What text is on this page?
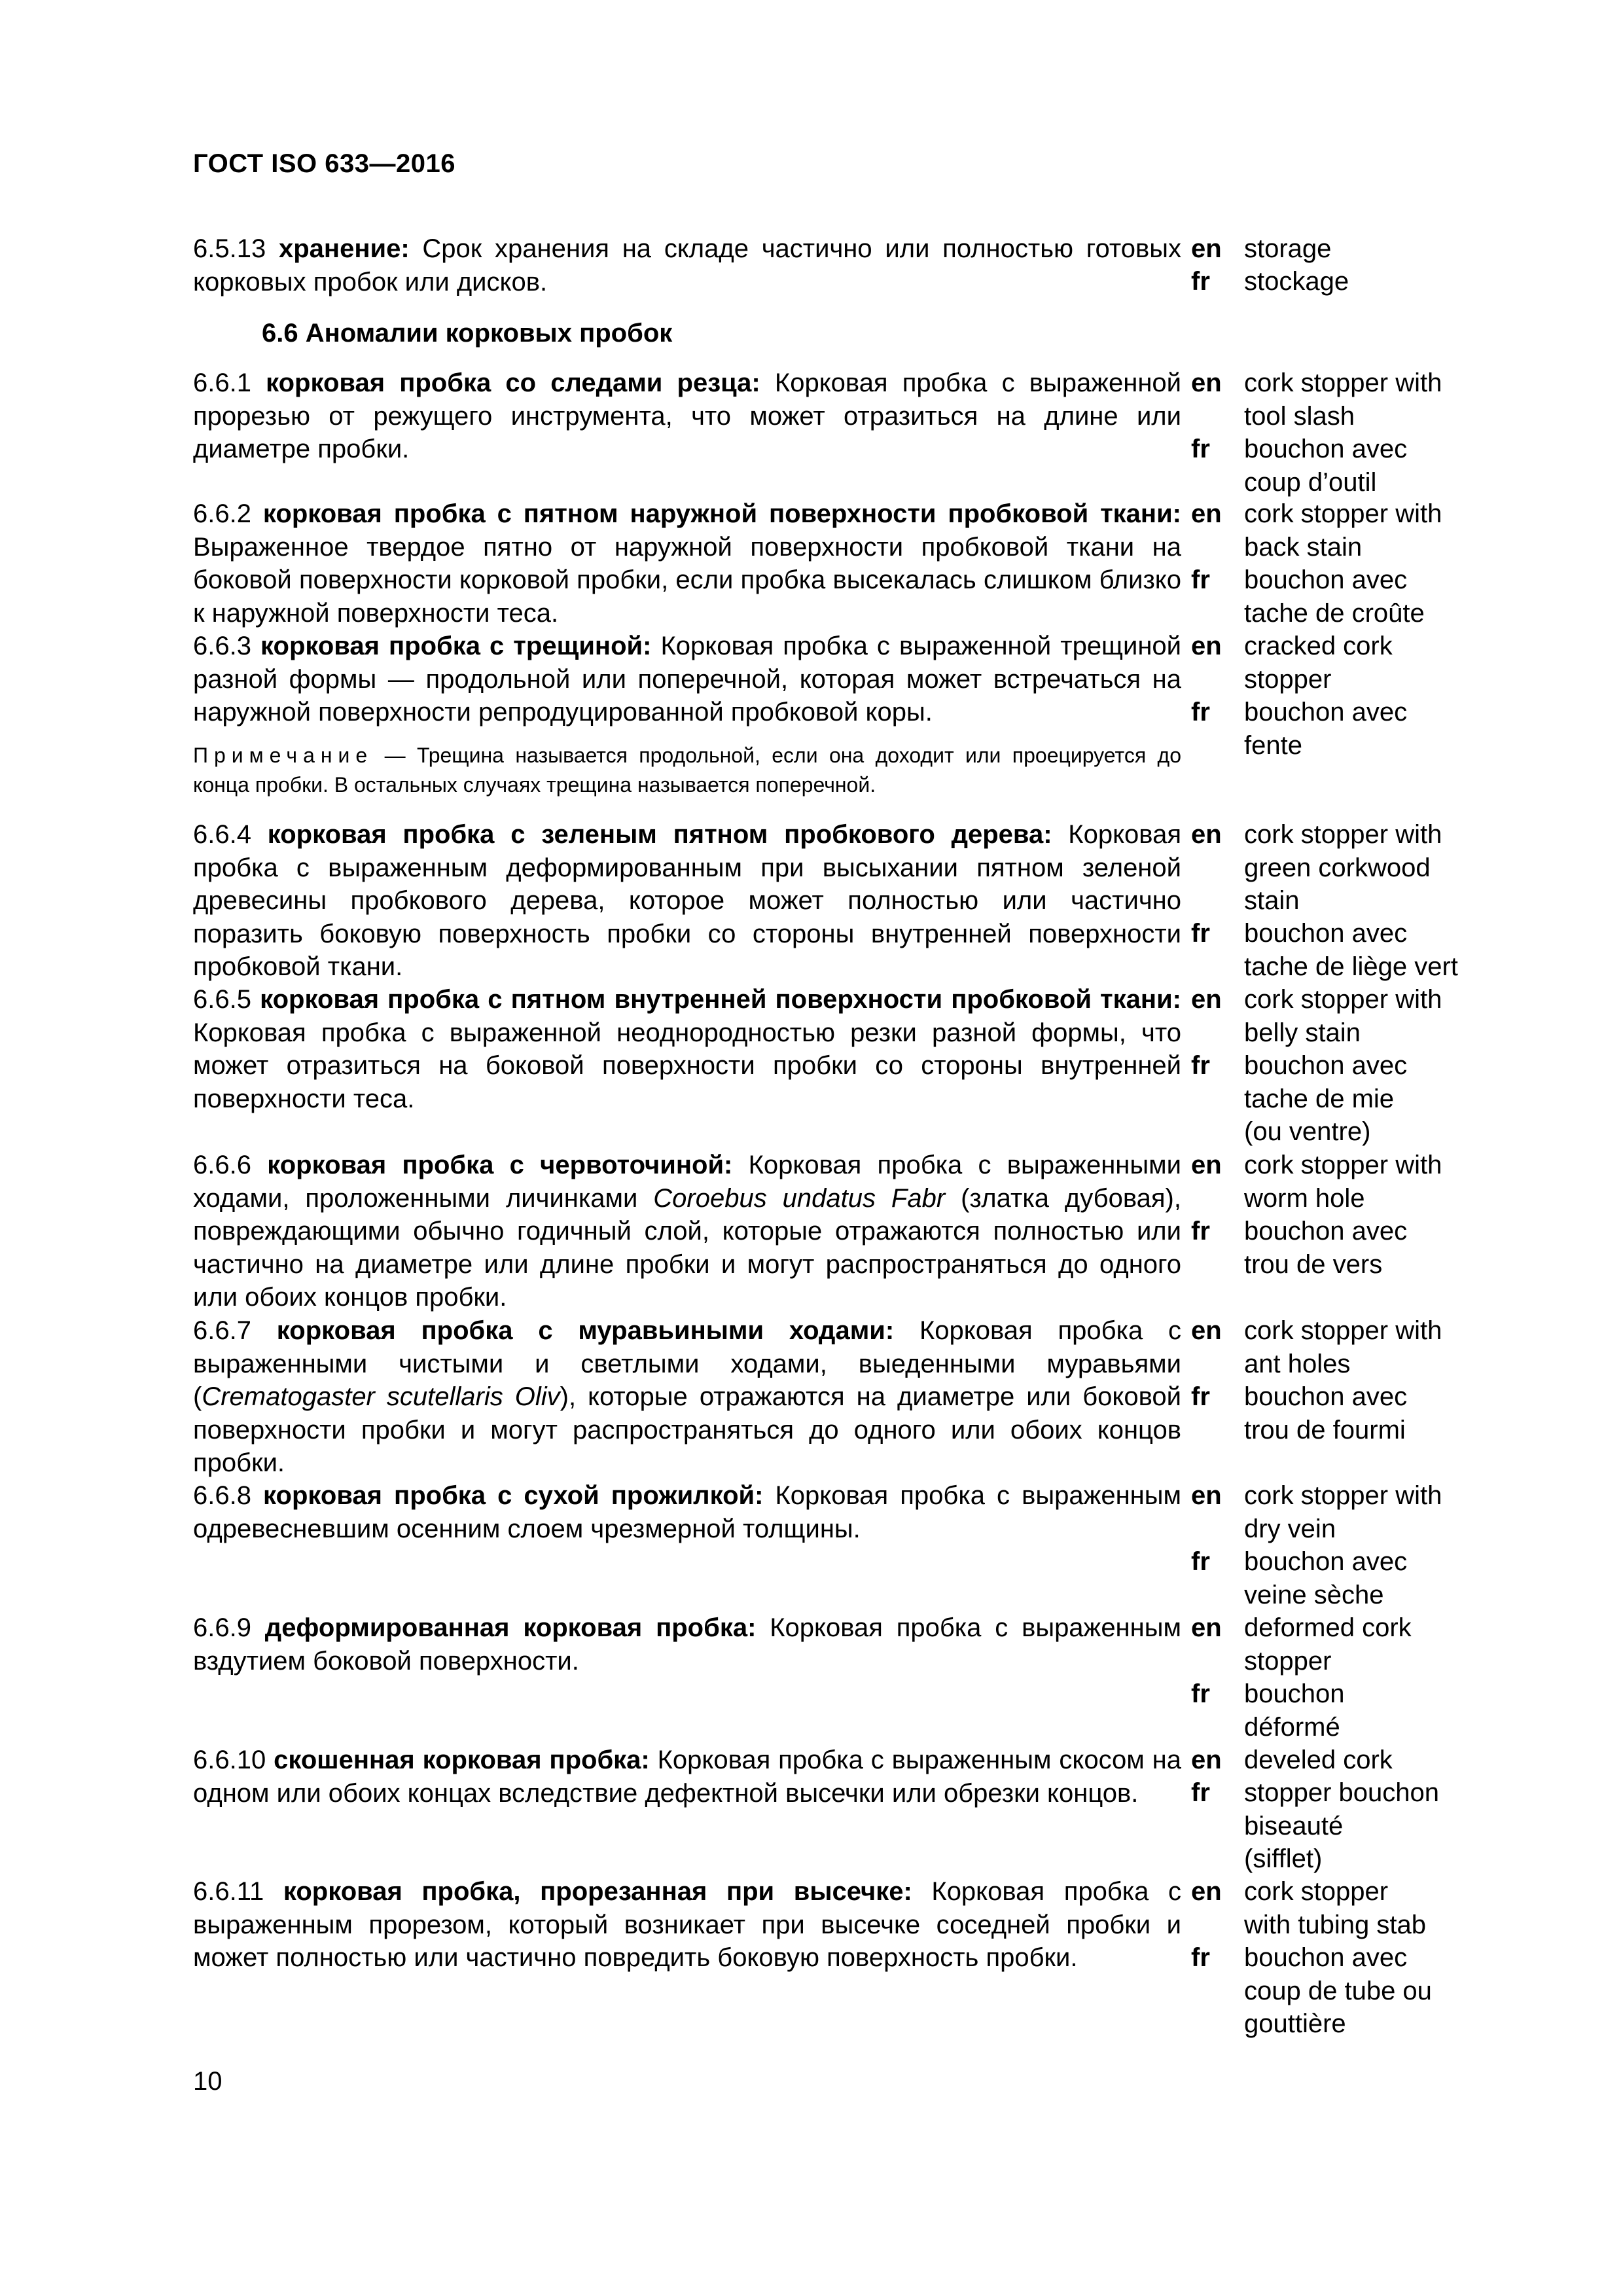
ГОСТ ISO 633—2016
6.5.13 хранение: Срок хранения на складе частично или полностью готовых корковых пробок или дисков.
en
fr
storage
stockage
6.6 Аномалии корковых пробок
6.6.1 корковая пробка со следами резца: Корковая пробка с выраженной прорезью от режущего инструмента, что может отразиться на длине или диаметре пробки.
en
fr
cork stopper with
tool slash
bouchon avec
coup d’outil
6.6.2 корковая пробка с пятном наружной поверхности пробковой ткани: Выраженное твердое пятно от наружной поверхности пробковой ткани на боковой поверхности корковой пробки, если пробка высекалась слишком близко к наружной поверхности теса.
en
fr
cork stopper with
back stain
bouchon avec
tache de croûte
6.6.3 корковая пробка с трещиной: Корковая пробка с выраженной трещиной разной формы — продольной или поперечной, которая может встречаться на наружной поверхности репродуцированной пробковой коры.
Примечание — Трещина называется продольной, если она доходит или проецируется до конца пробки. В остальных случаях трещина называется поперечной.
en
fr
cracked cork
stopper
bouchon avec
fente
6.6.4 корковая пробка с зеленым пятном пробкового дерева: Корковая пробка с выраженным деформированным при высыхании пятном зеленой древесины пробкового дерева, которое может полностью или частично поразить боковую поверхность пробки со стороны внутренней поверхности пробковой ткани.
en
fr
cork stopper with
green corkwood
stain
bouchon avec
tache de liège vert
6.6.5 корковая пробка с пятном внутренней поверхности пробковой ткани: Корковая пробка с выраженной неоднородностью резки разной формы, что может отразиться на боковой поверхности пробки со стороны внутренней поверхности теса.
en
fr
cork stopper with
belly stain
bouchon avec
tache de mie
(ou ventre)
6.6.6 корковая пробка с червоточиной: Корковая пробка с выраженными ходами, проложенными личинками Coroebus undatus Fabr (златка дубовая), повреждающими обычно годичный слой, которые отражаются полностью или частично на диаметре или длине пробки и могут распространяться до одного или обоих концов пробки.
en
fr
cork stopper with
worm hole
bouchon avec
trou de vers
6.6.7 корковая пробка с муравьиными ходами: Корковая пробка с выраженными чистыми и светлыми ходами, выеденными муравьями (Crematogaster scutellaris Oliv), которые отражаются на диаметре или боковой поверхности пробки и могут распространяться до одного или обоих концов пробки.
en
fr
cork stopper with
ant holes
bouchon avec
trou de fourmi
6.6.8 корковая пробка с сухой прожилкой: Корковая пробка с выраженным одревесневшим осенним слоем чрезмерной толщины.
en
fr
cork stopper with
dry vein
bouchon avec
veine sèche
6.6.9 деформированная корковая пробка: Корковая пробка с выраженным вздутием боковой поверхности.
en
fr
deformed cork
stopper
bouchon
déformé
6.6.10 скошенная корковая пробка: Корковая пробка с выраженным скосом на одном или обоих концах вследствие дефектной высечки или обрезки концов.
en
fr
develed cork
stopper bouchon
biseauté
(sifflet)
6.6.11 корковая пробка, прорезанная при высечке: Корковая пробка с выраженным прорезом, который возникает при высечке соседней пробки и может полностью или частично повредить боковую поверхность пробки.
en
fr
cork stopper
with tubing stab
bouchon avec
coup de tube ou
gouttière
10
